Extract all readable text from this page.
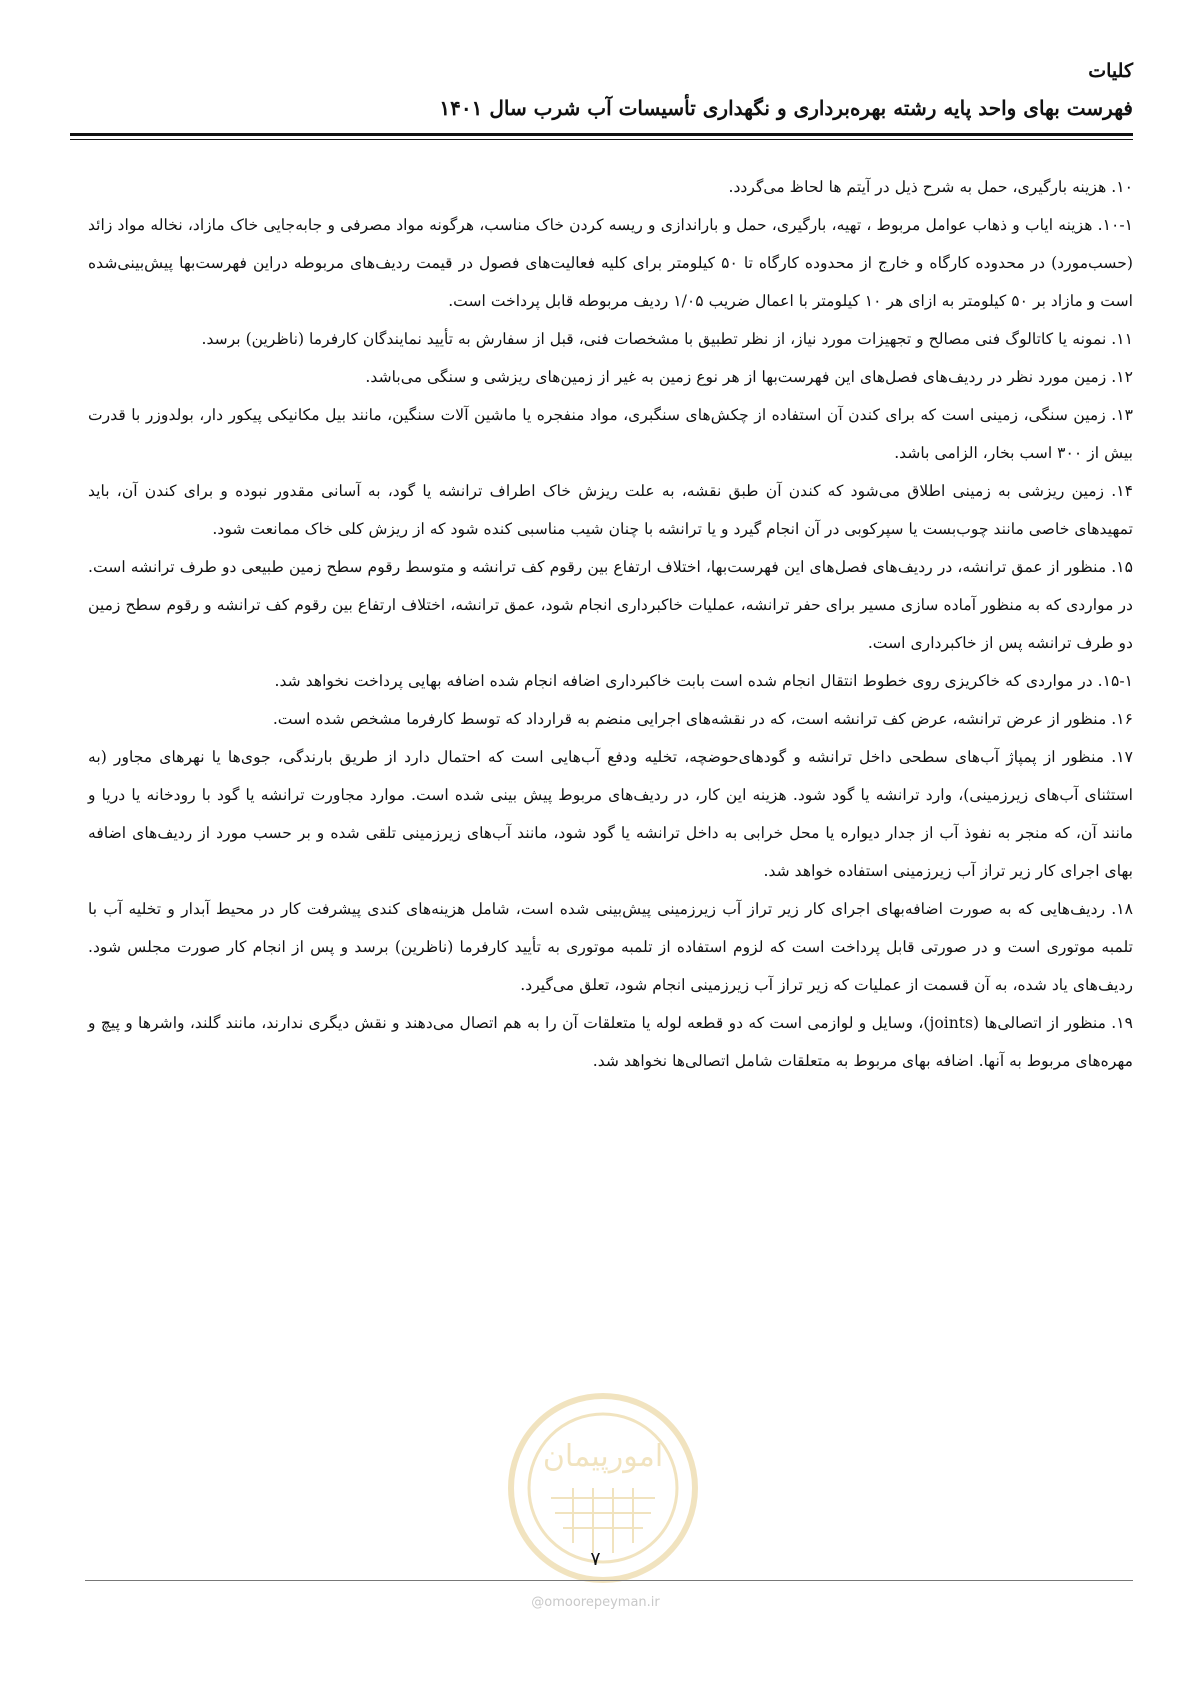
کلیات
فهرست بهای واحد پایه رشته بهره‌برداری و نگهداری تأسیسات آب شرب سال ۱۴۰۱

۱۰. هزینه بارگیری، حمل به شرح ذیل در آیتم ها لحاظ می‌گردد.

۱۰-۱. هزینه ایاب و ذهاب عوامل مربوط ، تهیه، بارگیری، حمل و باراندازی و ریسه کردن خاک مناسب، هرگونه مواد مصرفی و جابه‌جایی خاک مازاد، نخاله مواد زائد (حسب‌مورد) در محدوده کارگاه و خارج از محدوده کارگاه تا ۵۰ کیلومتر برای کلیه فعالیت‌های فصول در قیمت ردیف‌های مربوطه دراین فهرست‌بها پیش‌بینی‌شده است و مازاد بر ۵۰ کیلومتر به ازای هر ۱۰ کیلومتر با اعمال ضریب ۱/۰۵ ردیف مربوطه قابل پرداخت است.

۱۱. نمونه یا کاتالوگ فنی مصالح و تجهیزات مورد نیاز، از نظر تطبیق با مشخصات فنی، قبل از سفارش به تأیید نمایندگان کارفرما (ناظرین) برسد.

۱۲. زمین مورد نظر در ردیف‌های فصل‌های این فهرست‌بها از هر نوع زمین به غیر از زمین‌های ریزشی و سنگی می‌باشد.

۱۳. زمین سنگی، زمینی است که برای کندن آن استفاده از چکش‌های سنگبری، مواد منفجره یا ماشین آلات سنگین، مانند بیل مکانیکی پیکور دار، بولدوزر با قدرت بیش از ۳۰۰ اسب بخار، الزامی باشد.

۱۴. زمین ریزشی به زمینی اطلاق می‌شود که کندن آن طبق نقشه، به علت ریزش خاک اطراف ترانشه یا گود، به آسانی مقدور نبوده و برای کندن آن، باید تمهیدهای خاصی مانند چوب‌بست یا سپرکوبی در آن انجام گیرد و یا ترانشه با چنان شیب مناسبی کنده شود که از ریزش کلی خاک ممانعت شود.

۱۵. منظور از عمق ترانشه، در ردیف‌های فصل‌های این فهرست‌بها، اختلاف ارتفاع بین رقوم کف ترانشه و متوسط رقوم سطح زمین طبیعی دو طرف ترانشه است. در مواردی که به منظور آماده سازی مسیر برای حفر ترانشه، عملیات خاکبرداری انجام شود، عمق ترانشه، اختلاف ارتفاع بین رقوم کف ترانشه و رقوم سطح زمین دو طرف ترانشه پس از خاکبرداری است.

۱۵-۱. در مواردی که خاکریزی روی خطوط انتقال انجام شده است بابت خاکبرداری اضافه انجام شده اضافه بهایی پرداخت نخواهد شد.

۱۶. منظور از عرض ترانشه، عرض کف ترانشه است، که در نقشه‌های اجرایی منضم به قرارداد که توسط کارفرما مشخص شده است.

۱۷. منظور از پمپاژ آب‌های سطحی داخل ترانشه و گودهای‌حوضچه، تخلیه ودفع آب‌هایی است که احتمال دارد از طریق بارندگی، جوی‌ها یا نهرهای مجاور (به استثنای آب‌های زیرزمینی)، وارد ترانشه یا گود شود. هزینه این کار، در ردیف‌های مربوط پیش بینی شده است. موارد مجاورت ترانشه یا گود با رودخانه یا دریا و مانند آن، که منجر به نفوذ آب از جدار دیواره یا محل خرابی به داخل ترانشه یا گود شود، مانند آب‌های زیرزمینی تلقی شده و بر حسب مورد از ردیف‌های اضافه بهای اجرای کار زیر تراز آب زیرزمینی استفاده خواهد شد.

۱۸. ردیف‌هایی که به صورت اضافه‌بهای اجرای کار زیر تراز آب زیرزمینی پیش‌بینی شده است، شامل هزینه‌های کندی پیشرفت کار در محیط آبدار و تخلیه آب با تلمبه موتوری است و در صورتی قابل پرداخت است که لزوم استفاده از تلمبه موتوری به تأیید کارفرما (ناظرین) برسد و پس از انجام کار صورت مجلس شود. ردیف‌های یاد شده، به آن قسمت از عملیات که زیر تراز آب زیرزمینی انجام شود، تعلق می‌گیرد.

۱۹. منظور از اتصالی‌ها (joints)، وسایل و لوازمی است که دو قطعه لوله یا متعلقات آن را به هم اتصال می‌دهند و نقش دیگری ندارند، مانند گلند، واشرها و پیچ و مهره‌های مربوط به آنها. اضافه بهای مربوط به متعلقات شامل اتصالی‌ها نخواهد شد.

امورپیمان
۷
@omoorepeyman.ir
